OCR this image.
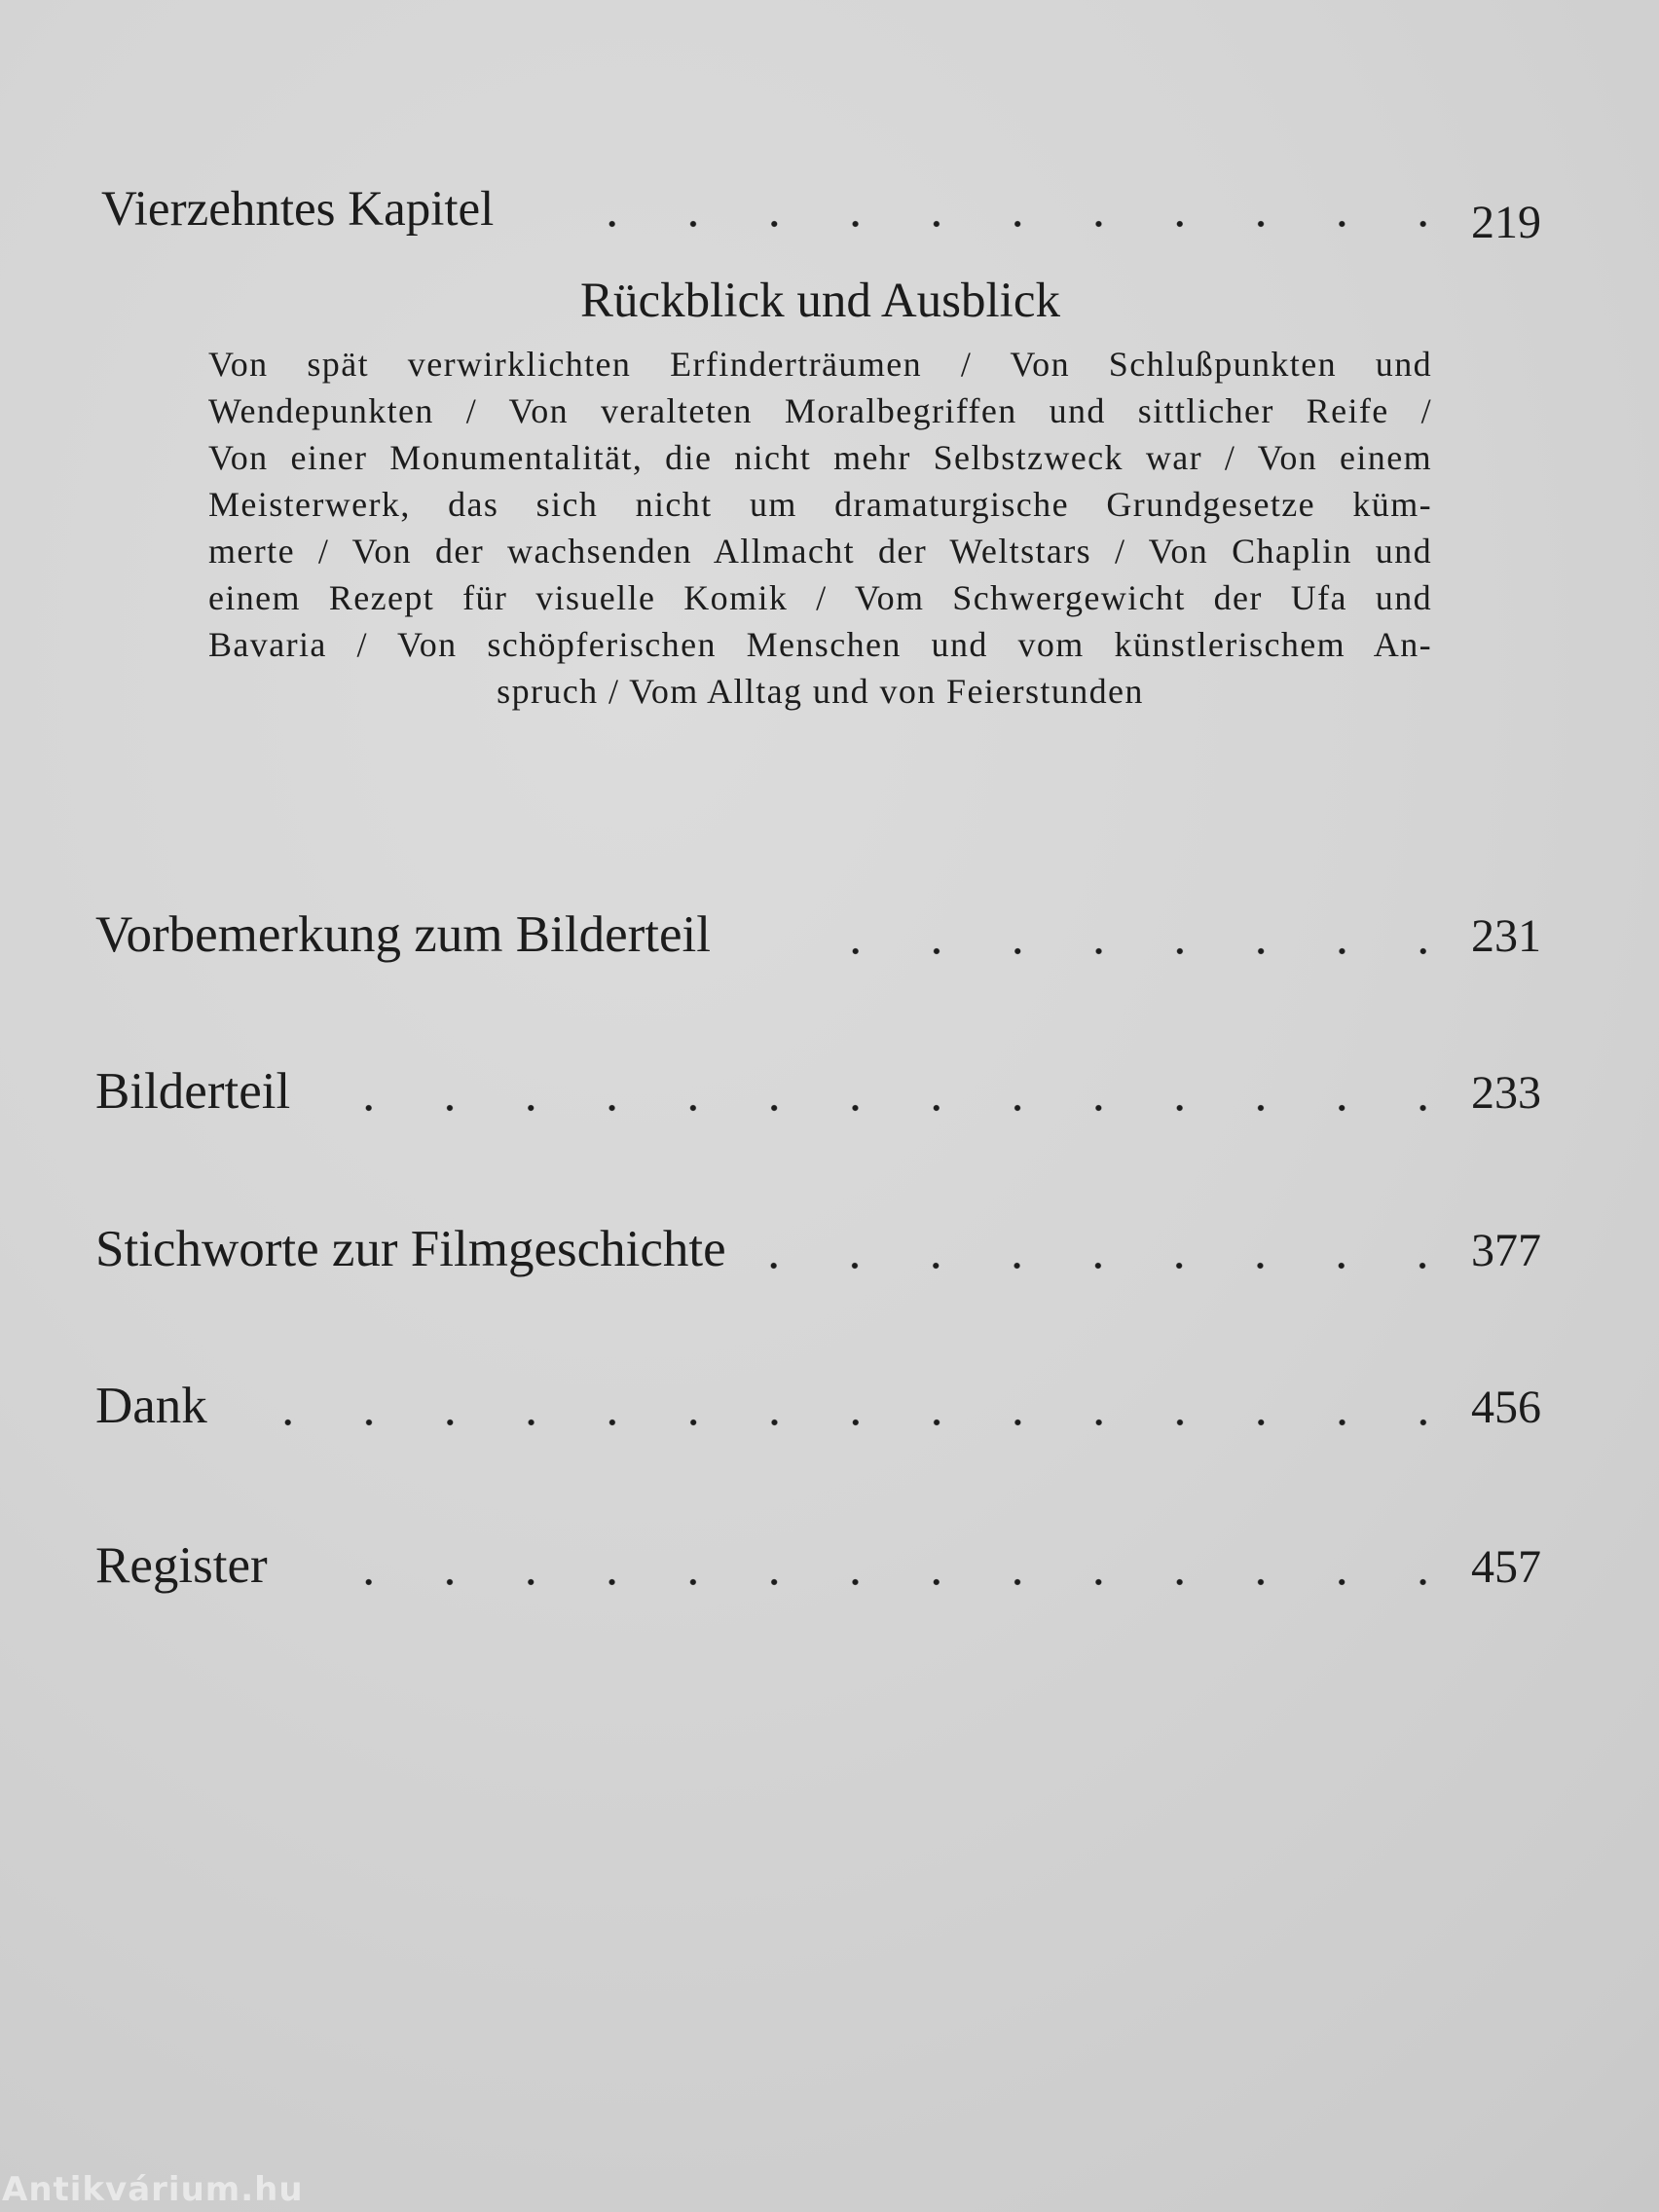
Vierzehntes Kapitel	219
Rückblick und Ausblick
Von spät verwirklichten Erfinderträumen / Von Schlußpunkten und
Wendepunkten / Von veralteten Moralbegriffen und sittlicher Reife /
Von einer Monumentalität, die nicht mehr Selbstzweck war / Von einem
Meisterwerk, das sich nicht um dramaturgische Grundgesetze küm-
merte / Von der wachsenden Allmacht der Weltstars / Von Chaplin und
einem Rezept für visuelle Komik / Vom Schwergewicht der Ufa und
Bavaria / Von schöpferischen Menschen und vom künstlerischem An-
spruch / Vom Alltag und von Feierstunden
Vorbemerkung zum Bilderteil	231
Bilderteil	233
Stichworte zur Filmgeschichte	377
Dank	456
Register	457
Antikvárium.hu
